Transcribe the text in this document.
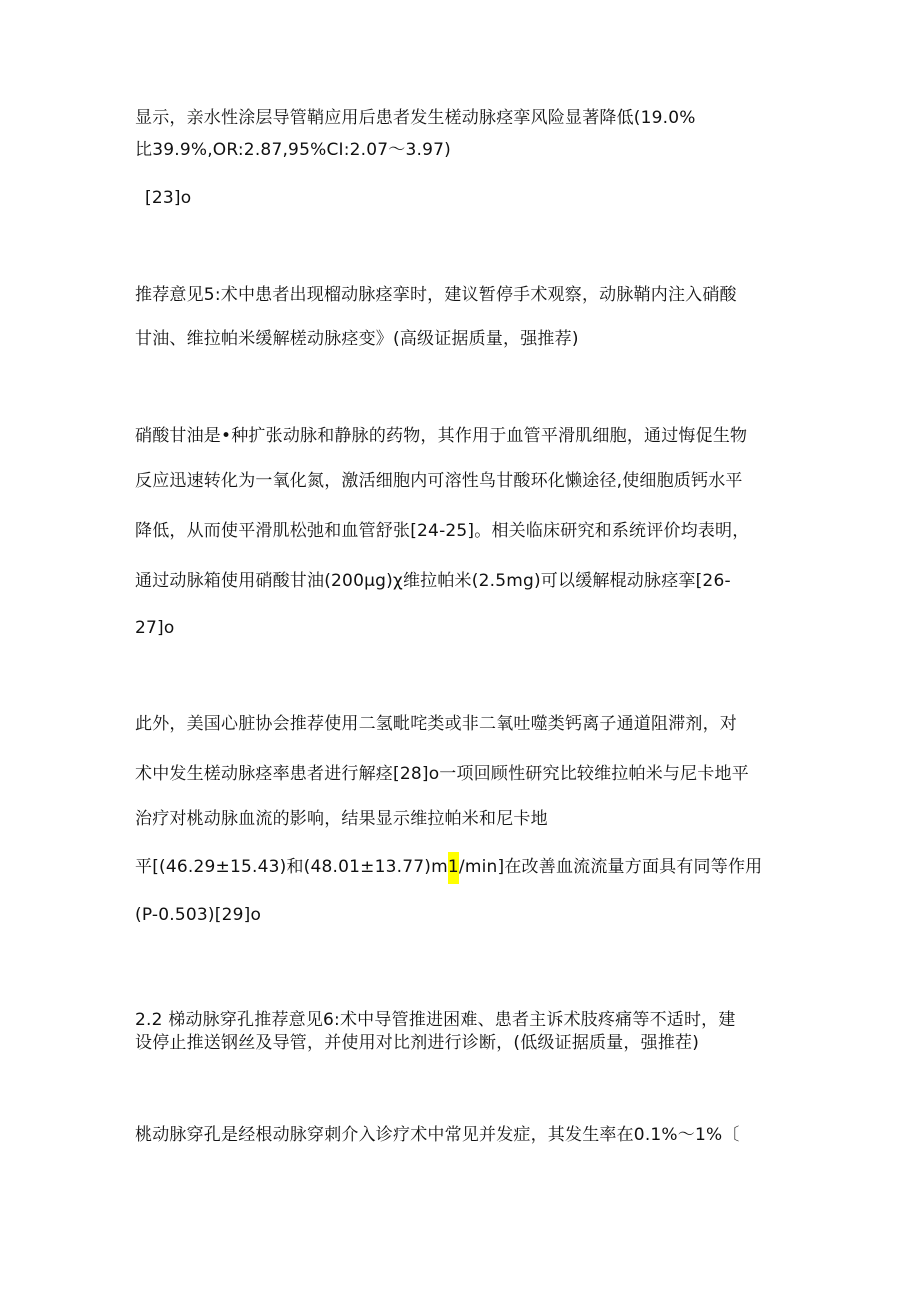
显示，亲水性涂层导管鞘应用后患者发生槎动脉痉挛风险显著降低(19.0%

比39.9%,OR:2.87,95%CI:2.07～3.97)

[23]o

推荐意见5:术中患者出现榴动脉痉挛时，建议暂停手术观察，动脉鞘内注入硝酸

甘油、维拉帕米缓解槎动脉痉变》(高级证据质量，强推荐)

硝酸甘油是•种扩张动脉和静脉的药物，其作用于血管平滑肌细胞，通过悔促生物

反应迅速转化为一氧化氮，激活细胞内可溶性鸟甘酸环化懒途径,使细胞质钙水平

降低，从而使平滑肌松弛和血管舒张[24-25]。相关临床研究和系统评价均表明，

通过动脉箱使用硝酸甘油(200μg)χ维拉帕米(2.5mg)可以缓解棍动脉痉挛[26-

27]o

此外，美国心脏协会推荐使用二氢毗咤类或非二氧吐噬类钙离子通道阻滞剂，对

术中发生槎动脉痉率患者进行解痉[28]o一项回顾性研究比较维拉帕米与尼卡地平

治疗对桃动脉血流的影响，结果显示维拉帕米和尼卡地

平[(46.29±15.43)和(48.01±13.77)m1/min]在改善血流流量方面具有同等作用

(P-0.503)[29]o

2.2 梯动脉穿孔推荐意见6:术中导管推进困难、患者主诉术肢疼痛等不适时，建

设停止推送钢丝及导管，并使用对比剂进行诊断，(低级证据质量，强推茬)

桃动脉穿孔是经根动脉穿刺介入诊疗术中常见并发症，其发生率在0.1%～1%〔
